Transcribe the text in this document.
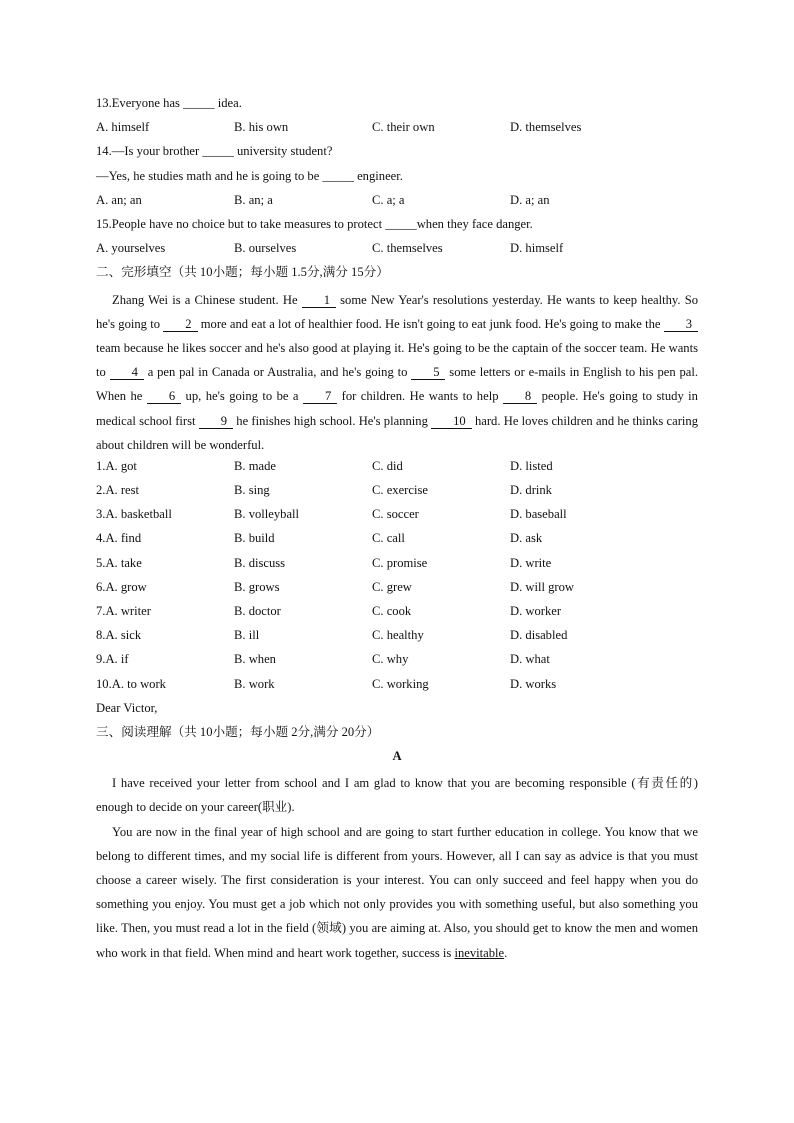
13.Everyone has _____ idea.
A. himself	B. his own	C. their own	D. themselves
14.—Is your brother _____ university student?
—Yes, he studies math and he is going to be _____ engineer.
A. an; an	B. an; a	C. a; a	D. a; an
15.People have no choice but to take measures to protect _____when they face danger.
A. yourselves	B. ourselves	C. themselves	D. himself
二、完形填空（共 10小题；每小题 1.5分,满分 15分）

Zhang Wei is a Chinese student. He 1 some New Year's resolutions yesterday. He wants to keep healthy. So he's going to 2 more and eat a lot of healthier food. He isn't going to eat junk food. He's going to make the 3 team because he likes soccer and he's also good at playing it. He's going to be the captain of the soccer team. He wants to 4 a pen pal in Canada or Australia, and he's going to 5 some letters or e-mails in English to his pen pal. When he 6 up, he's going to be a 7 for children. He wants to help 8 people. He's going to study in medical school first 9 he finishes high school. He's planning 10 hard. He loves children and he thinks caring about children will be wonderful.

1.A. got	B. made	C. did	D. listed
2.A. rest	B. sing	C. exercise	D. drink
3.A. basketball	B. volleyball	C. soccer	D. baseball
4.A. find	B. build	C. call	D. ask
5.A. take	B. discuss	C. promise	D. write
6.A. grow	B. grows	C. grew	D. will grow
7.A. writer	B. doctor	C. cook	D. worker
8.A. sick	B. ill	C. healthy	D. disabled
9.A. if	B. when	C. why	D. what
10.A. to work	B. work	C. working	D. works
Dear Victor,
三、阅读理解（共 10小题；每小题 2分,满分 20分）
A

I have received your letter from school and I am glad to know that you are becoming responsible (有责任的) enough to decide on your career(职业).

You are now in the final year of high school and are going to start further education in college. You know that we belong to different times, and my social life is different from yours. However, all I can say as advice is that you must choose a career wisely. The first consideration is your interest. You can only succeed and feel happy when you do something you enjoy. You must get a job which not only provides you with something useful, but also something you like. Then, you must read a lot in the field (领域) you are aiming at. Also, you should get to know the men and women who work in that field. When mind and heart work together, success is inevitable.
